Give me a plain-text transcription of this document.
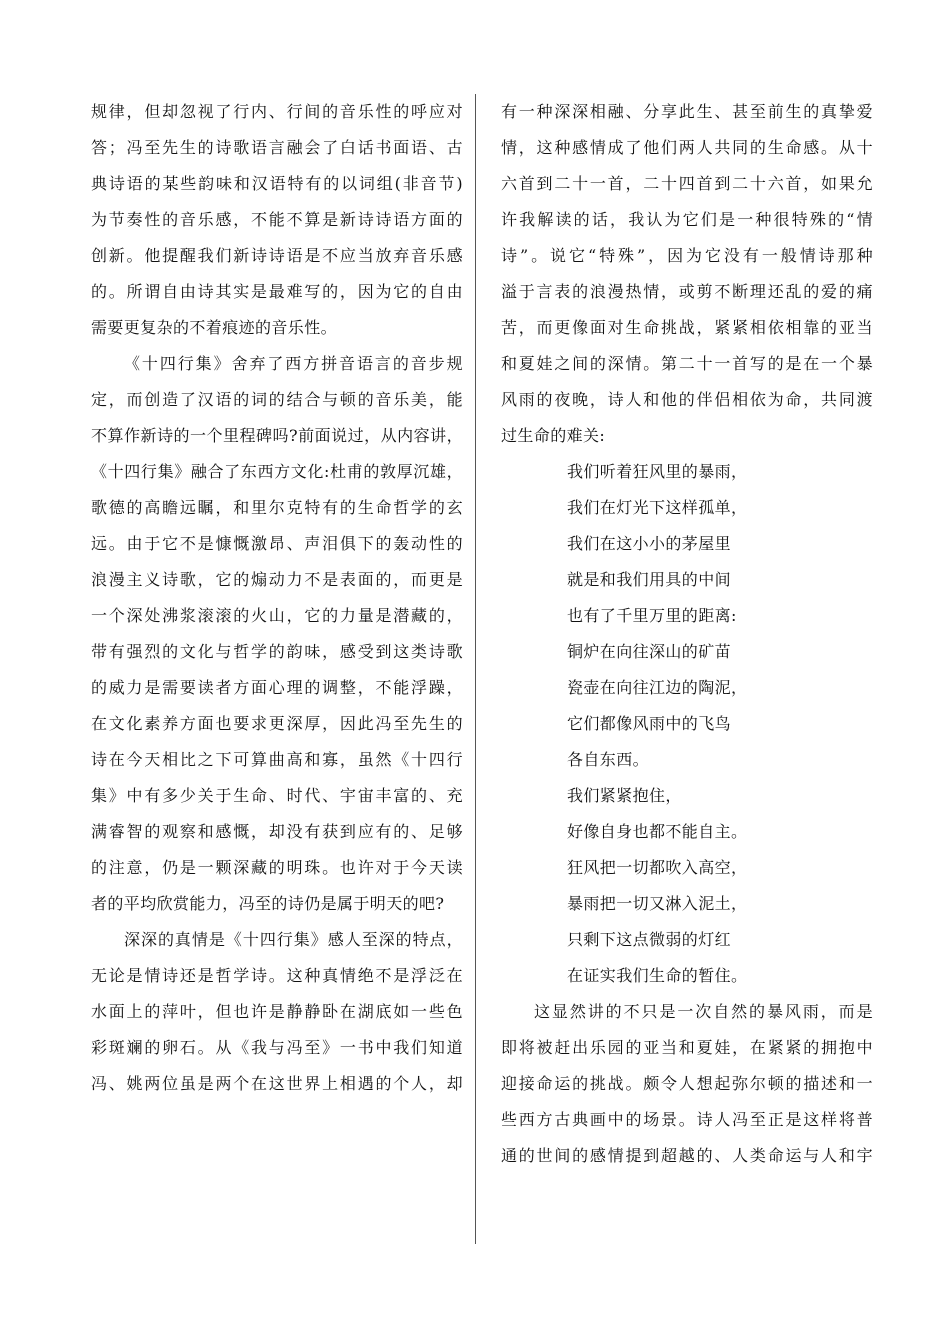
规律，但却忽视了行内、行间的音乐性的呼应对
答；冯至先生的诗歌语言融会了白话书面语、古
典诗语的某些韵味和汉语特有的以词组(非音节)
为节奏性的音乐感，不能不算是新诗诗语方面的
创新。他提醒我们新诗诗语是不应当放弃音乐感
的。所谓自由诗其实是最难写的，因为它的自由
需要更复杂的不着痕迹的音乐性。
《十四行集》舍弃了西方拼音语言的音步规
定，而创造了汉语的词的结合与顿的音乐美，能
不算作新诗的一个里程碑吗?前面说过，从内容讲，
《十四行集》融合了东西方文化:杜甫的敦厚沉雄，
歌德的高瞻远瞩，和里尔克特有的生命哲学的玄
远。由于它不是慷慨激昂、声泪俱下的轰动性的
浪漫主义诗歌，它的煽动力不是表面的，而更是
一个深处沸浆滚滚的火山，它的力量是潜藏的，
带有强烈的文化与哲学的韵味，感受到这类诗歌
的威力是需要读者方面心理的调整，不能浮躁，
在文化素养方面也要求更深厚，因此冯至先生的
诗在今天相比之下可算曲高和寡，虽然《十四行
集》中有多少关于生命、时代、宇宙丰富的、充
满睿智的观察和感慨，却没有获到应有的、足够
的注意，仍是一颗深藏的明珠。也许对于今天读
者的平均欣赏能力，冯至的诗仍是属于明天的吧?
深深的真情是《十四行集》感人至深的特点，
无论是情诗还是哲学诗。这种真情绝不是浮泛在
水面上的萍叶，但也许是静静卧在湖底如一些色
彩斑斓的卵石。从《我与冯至》一书中我们知道
冯、姚两位虽是两个在这世界上相遇的个人，却
有一种深深相融、分享此生、甚至前生的真挚爱
情，这种感情成了他们两人共同的生命感。从十
六首到二十一首，二十四首到二十六首，如果允
许我解读的话，我认为它们是一种很特殊的“情
诗”。说它“特殊”，因为它没有一般情诗那种
溢于言表的浪漫热情，或剪不断理还乱的爱的痛
苦，而更像面对生命挑战，紧紧相依相靠的亚当
和夏娃之间的深情。第二十一首写的是在一个暴
风雨的夜晚，诗人和他的伴侣相依为命，共同渡
过生命的难关:
我们听着狂风里的暴雨，
我们在灯光下这样孤单，
我们在这小小的茅屋里
就是和我们用具的中间
也有了千里万里的距离:
铜炉在向往深山的矿苗
瓷壶在向往江边的陶泥，
它们都像风雨中的飞鸟
各自东西。
我们紧紧抱住，
好像自身也都不能自主。
狂风把一切都吹入高空，
暴雨把一切又淋入泥土，
只剩下这点微弱的灯红
在证实我们生命的暂住。
这显然讲的不只是一次自然的暴风雨，而是
即将被赶出乐园的亚当和夏娃，在紧紧的拥抱中
迎接命运的挑战。颇令人想起弥尔顿的描述和一
些西方古典画中的场景。诗人冯至正是这样将普
通的世间的感情提到超越的、人类命运与人和宇
